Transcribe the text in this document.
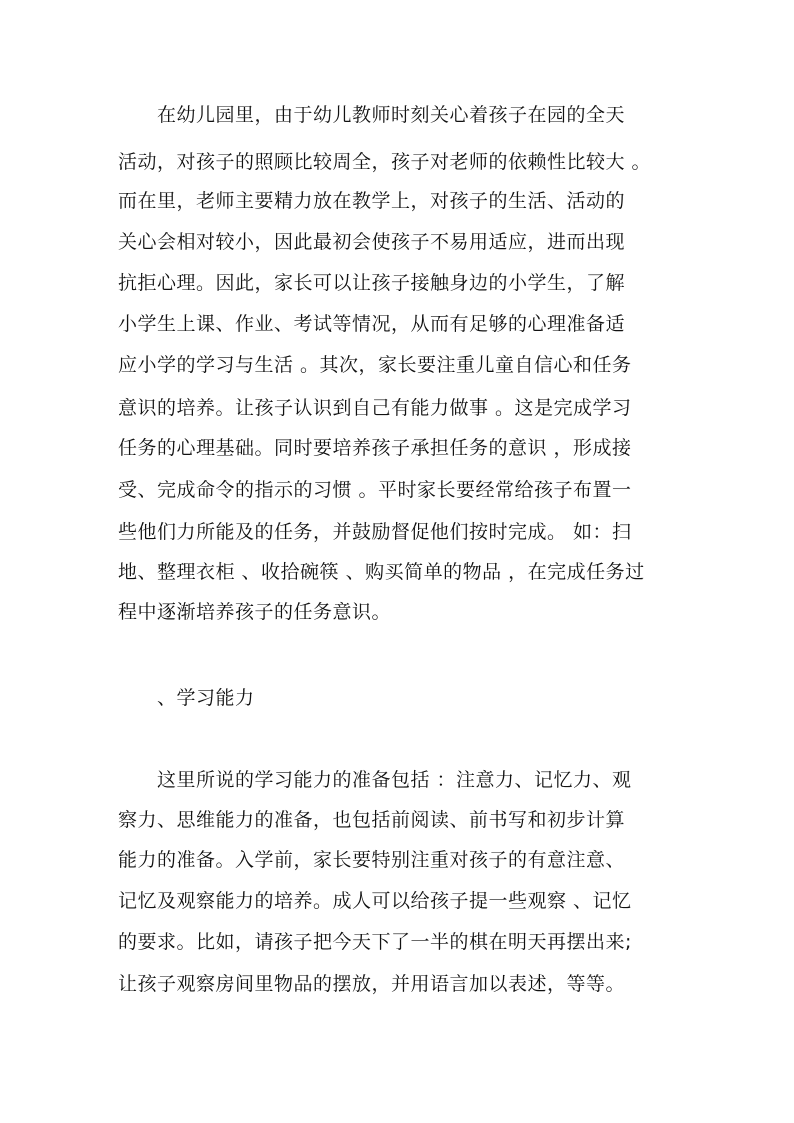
　　在幼儿园里，由于幼儿教师时刻关心着孩子在园的全天
活动，对孩子的照顾比较周全，孩子对老师的依赖性比较大 。
而在里，老师主要精力放在教学上，对孩子的生活、活动的
关心会相对较小，因此最初会使孩子不易用适应，进而出现
抗拒心理。因此，家长可以让孩子接触身边的小学生，了解
小学生上课、作业、考试等情况，从而有足够的心理准备适
应小学的学习与生活 。其次，家长要注重儿童自信心和任务
意识的培养。让孩子认识到自己有能力做事 。这是完成学习
任务的心理基础。同时要培养孩子承担任务的意识 ，形成接
受、完成命令的指示的习惯 。平时家长要经常给孩子布置一
些他们力所能及的任务，并鼓励督促他们按时完成。 如：扫
地、整理衣柜 、收拾碗筷 、购买简单的物品 ，在完成任务过
程中逐渐培养孩子的任务意识。
　　、学习能力
　　这里所说的学习能力的准备包括 ：注意力、记忆力、观
察力、思维能力的准备，也包括前阅读、前书写和初步计算
能力的准备。入学前，家长要特别注重对孩子的有意注意、
记忆及观察能力的培养。成人可以给孩子提一些观察 、记忆
的要求。比如，请孩子把今天下了一半的棋在明天再摆出来;
让孩子观察房间里物品的摆放，并用语言加以表述，等等。
